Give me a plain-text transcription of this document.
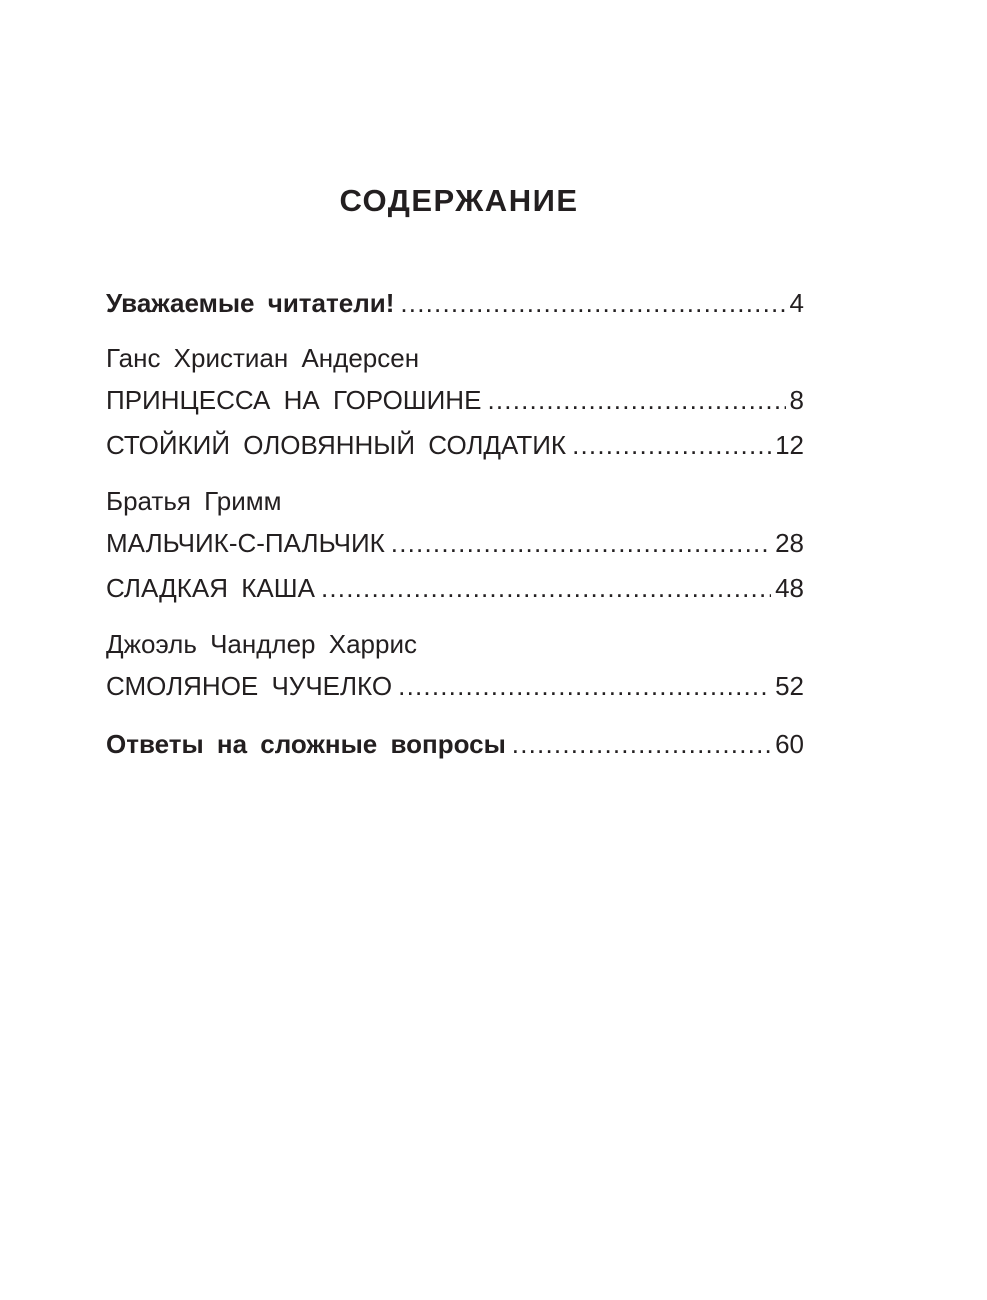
СОДЕРЖАНИЕ
Уважаемые читатели! .....	4
Ганс Христиан Андерсен
ПРИНЦЕССА НА ГОРОШИНЕ .....	8
СТОЙКИЙ ОЛОВЯННЫЙ СОЛДАТИК .....	12
Братья Гримм
МАЛЬЧИК-С-ПАЛЬЧИК .....	28
СЛАДКАЯ КАША .....	48
Джоэль Чандлер Харрис
СМОЛЯНОЕ ЧУЧЕЛКО .....	52
Ответы на сложные вопросы .....	60
